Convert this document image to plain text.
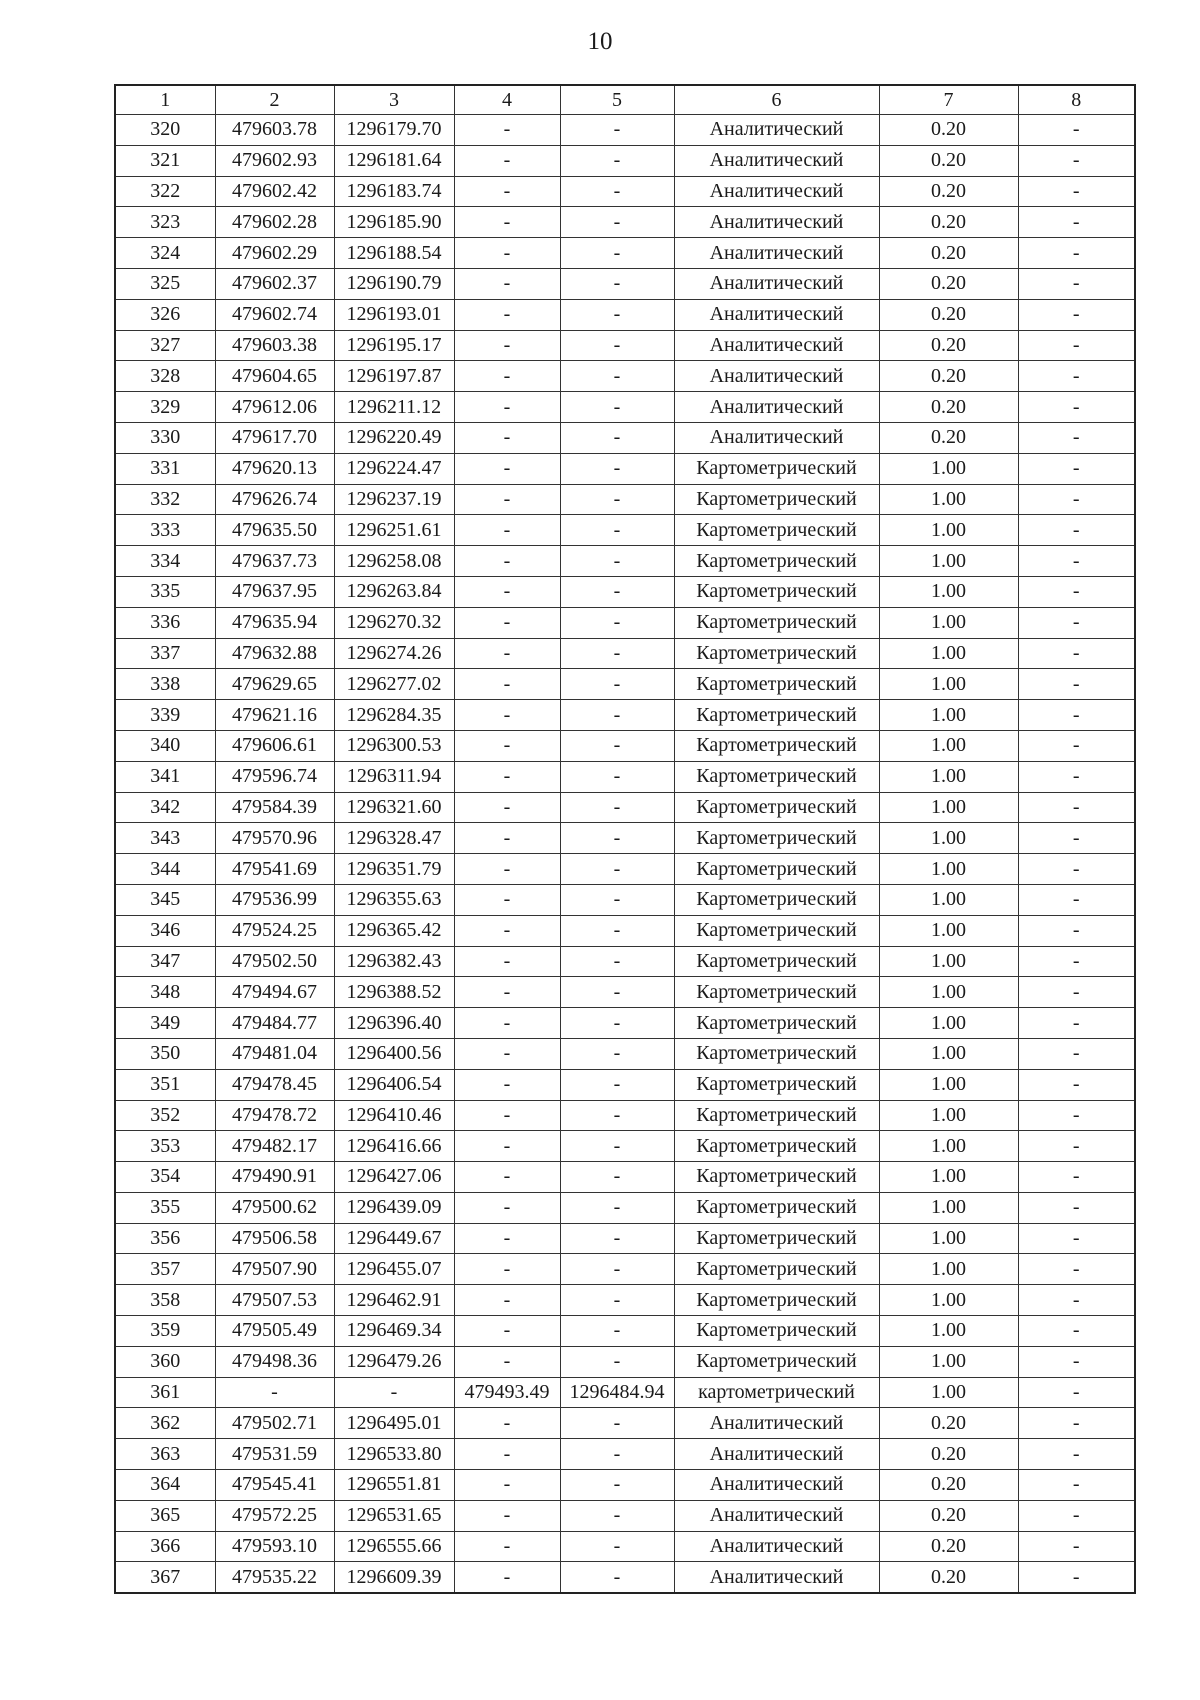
10
1	2	3	4	5	6	7	8
320	479603.78	1296179.70	-	-	Аналитический	0.20	-
321	479602.93	1296181.64	-	-	Аналитический	0.20	-
322	479602.42	1296183.74	-	-	Аналитический	0.20	-
323	479602.28	1296185.90	-	-	Аналитический	0.20	-
324	479602.29	1296188.54	-	-	Аналитический	0.20	-
325	479602.37	1296190.79	-	-	Аналитический	0.20	-
326	479602.74	1296193.01	-	-	Аналитический	0.20	-
327	479603.38	1296195.17	-	-	Аналитический	0.20	-
328	479604.65	1296197.87	-	-	Аналитический	0.20	-
329	479612.06	1296211.12	-	-	Аналитический	0.20	-
330	479617.70	1296220.49	-	-	Аналитический	0.20	-
331	479620.13	1296224.47	-	-	Картометрический	1.00	-
332	479626.74	1296237.19	-	-	Картометрический	1.00	-
333	479635.50	1296251.61	-	-	Картометрический	1.00	-
334	479637.73	1296258.08	-	-	Картометрический	1.00	-
335	479637.95	1296263.84	-	-	Картометрический	1.00	-
336	479635.94	1296270.32	-	-	Картометрический	1.00	-
337	479632.88	1296274.26	-	-	Картометрический	1.00	-
338	479629.65	1296277.02	-	-	Картометрический	1.00	-
339	479621.16	1296284.35	-	-	Картометрический	1.00	-
340	479606.61	1296300.53	-	-	Картометрический	1.00	-
341	479596.74	1296311.94	-	-	Картометрический	1.00	-
342	479584.39	1296321.60	-	-	Картометрический	1.00	-
343	479570.96	1296328.47	-	-	Картометрический	1.00	-
344	479541.69	1296351.79	-	-	Картометрический	1.00	-
345	479536.99	1296355.63	-	-	Картометрический	1.00	-
346	479524.25	1296365.42	-	-	Картометрический	1.00	-
347	479502.50	1296382.43	-	-	Картометрический	1.00	-
348	479494.67	1296388.52	-	-	Картометрический	1.00	-
349	479484.77	1296396.40	-	-	Картометрический	1.00	-
350	479481.04	1296400.56	-	-	Картометрический	1.00	-
351	479478.45	1296406.54	-	-	Картометрический	1.00	-
352	479478.72	1296410.46	-	-	Картометрический	1.00	-
353	479482.17	1296416.66	-	-	Картометрический	1.00	-
354	479490.91	1296427.06	-	-	Картометрический	1.00	-
355	479500.62	1296439.09	-	-	Картометрический	1.00	-
356	479506.58	1296449.67	-	-	Картометрический	1.00	-
357	479507.90	1296455.07	-	-	Картометрический	1.00	-
358	479507.53	1296462.91	-	-	Картометрический	1.00	-
359	479505.49	1296469.34	-	-	Картометрический	1.00	-
360	479498.36	1296479.26	-	-	Картометрический	1.00	-
361	-	-	479493.49	1296484.94	картометрический	1.00	-
362	479502.71	1296495.01	-	-	Аналитический	0.20	-
363	479531.59	1296533.80	-	-	Аналитический	0.20	-
364	479545.41	1296551.81	-	-	Аналитический	0.20	-
365	479572.25	1296531.65	-	-	Аналитический	0.20	-
366	479593.10	1296555.66	-	-	Аналитический	0.20	-
367	479535.22	1296609.39	-	-	Аналитический	0.20	-
